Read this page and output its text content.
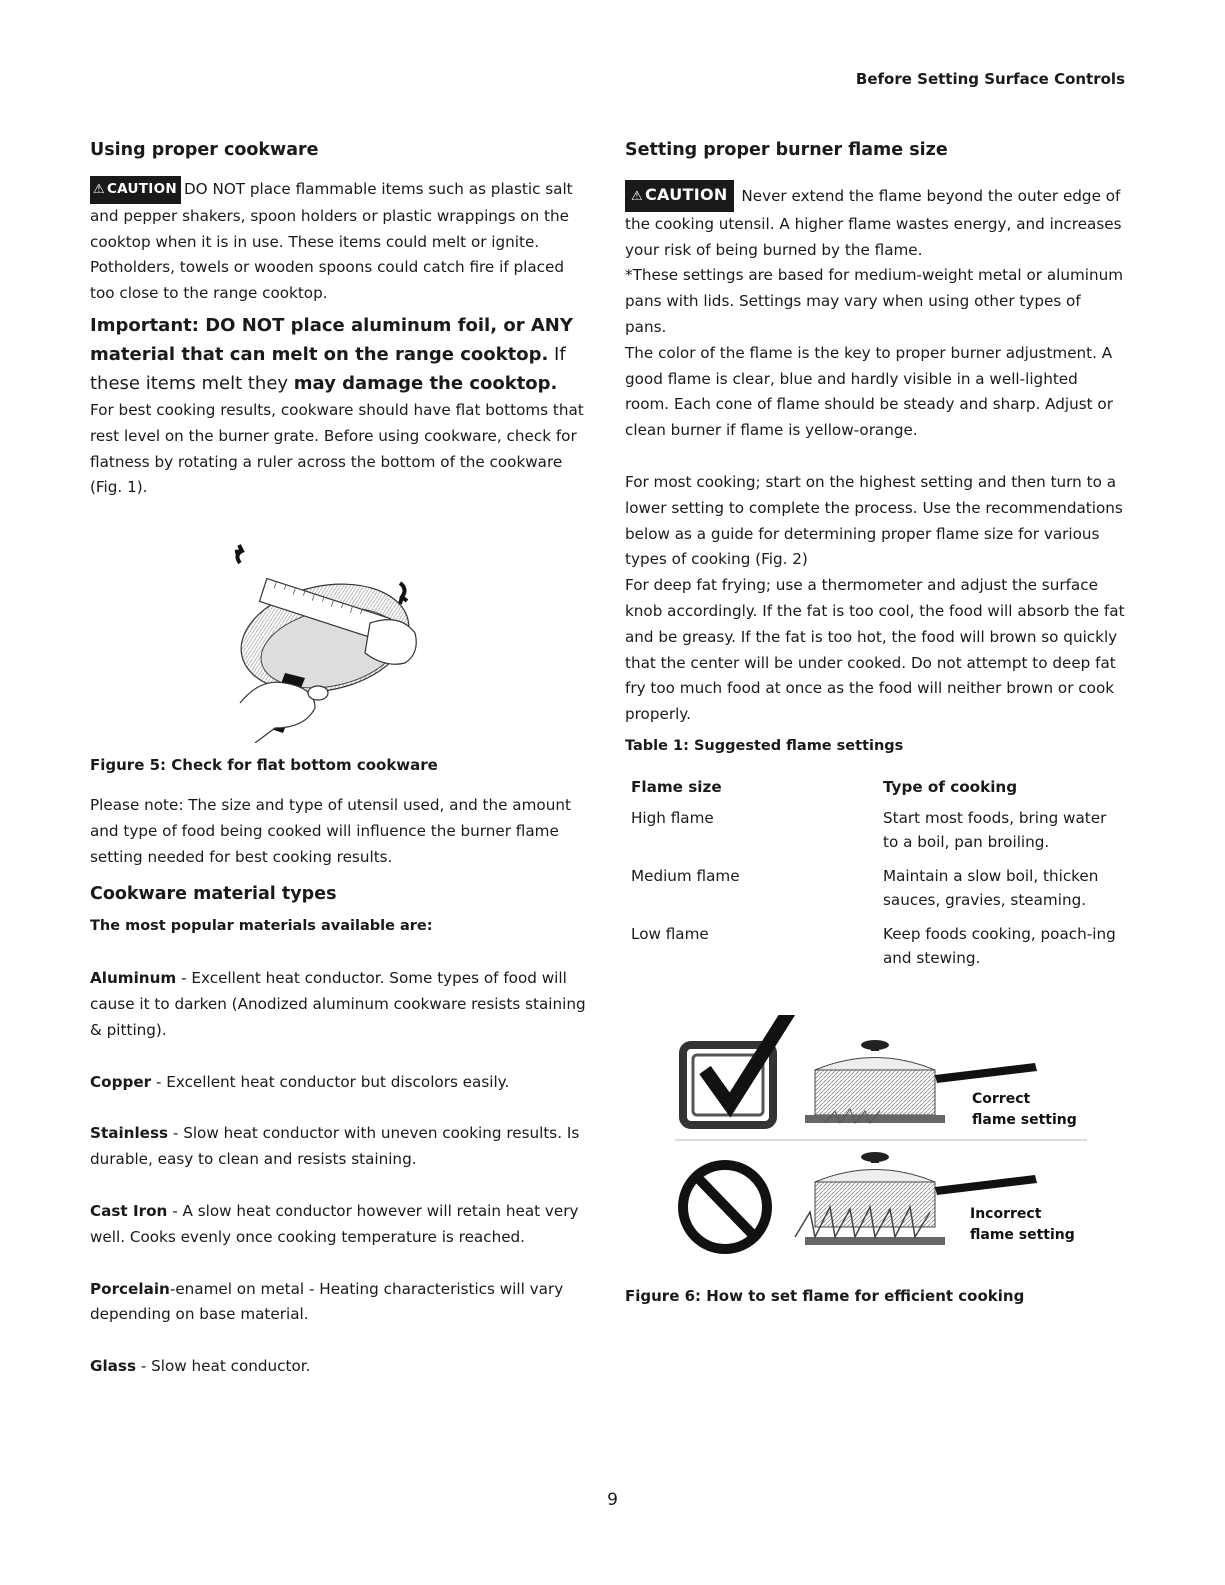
Before Setting Surface Controls
Using proper cookware

⚠ CAUTION DO NOT place flammable items such as plastic salt and pepper shakers, spoon holders or plastic wrappings on the cooktop when it is in use. These items could melt or ignite. Potholders, towels or wooden spoons could catch fire if placed too close to the range cooktop.

Important: DO NOT place aluminum foil, or ANY material that can melt on the range cooktop. If these items melt they may damage the cooktop.

For best cooking results, cookware should have flat bottoms that rest level on the burner grate. Before using cookware, check for flatness by rotating a ruler across the bottom of the cookware (Fig. 1).

Figure 5: Check for flat bottom cookware

Please note: The size and type of utensil used, and the amount and type of food being cooked will influence the burner flame setting needed for best cooking results.

Cookware material types

The most popular materials available are:

Aluminum - Excellent heat conductor. Some types of food will cause it to darken (Anodized aluminum cookware resists staining & pitting).

Copper - Excellent heat conductor but discolors easily.

Stainless - Slow heat conductor with uneven cooking results. Is durable, easy to clean and resists staining.

Cast Iron - A slow heat conductor however will retain heat very well. Cooks evenly once cooking temperature is reached.

Porcelain-enamel on metal - Heating characteristics will vary depending on base material.

Glass - Slow heat conductor.

Setting proper burner flame size

⚠ CAUTION Never extend the flame beyond the outer edge of the cooking utensil. A higher flame wastes energy, and increases your risk of being burned by the flame.

*These settings are based for medium-weight metal or aluminum pans with lids. Settings may vary when using other types of pans.

The color of the flame is the key to proper burner adjustment. A good flame is clear, blue and hardly visible in a well-lighted room. Each cone of flame should be steady and sharp. Adjust or clean burner if flame is yellow-orange.

For most cooking; start on the highest setting and then turn to a lower setting to complete the process. Use the recommendations below as a guide for determining proper flame size for various types of cooking (Fig. 2)

For deep fat frying; use a thermometer and adjust the surface knob accordingly. If the fat is too cool, the food will absorb the fat and be greasy. If the fat is too hot, the food will brown so quickly that the center will be under cooked. Do not attempt to deep fat fry too much food at once as the food will neither brown or cook properly.

Table 1: Suggested flame settings

Flame size	Type of cooking
High flame	Start most foods, bring water to a boil, pan broiling.
Medium flame	Maintain a slow boil, thicken sauces, gravies, steaming.
Low flame	Keep foods cooking, poach-ing and stewing.
Correct
flame setting
Incorrect
flame setting

Figure 6: How to set flame for efficient cooking

9
